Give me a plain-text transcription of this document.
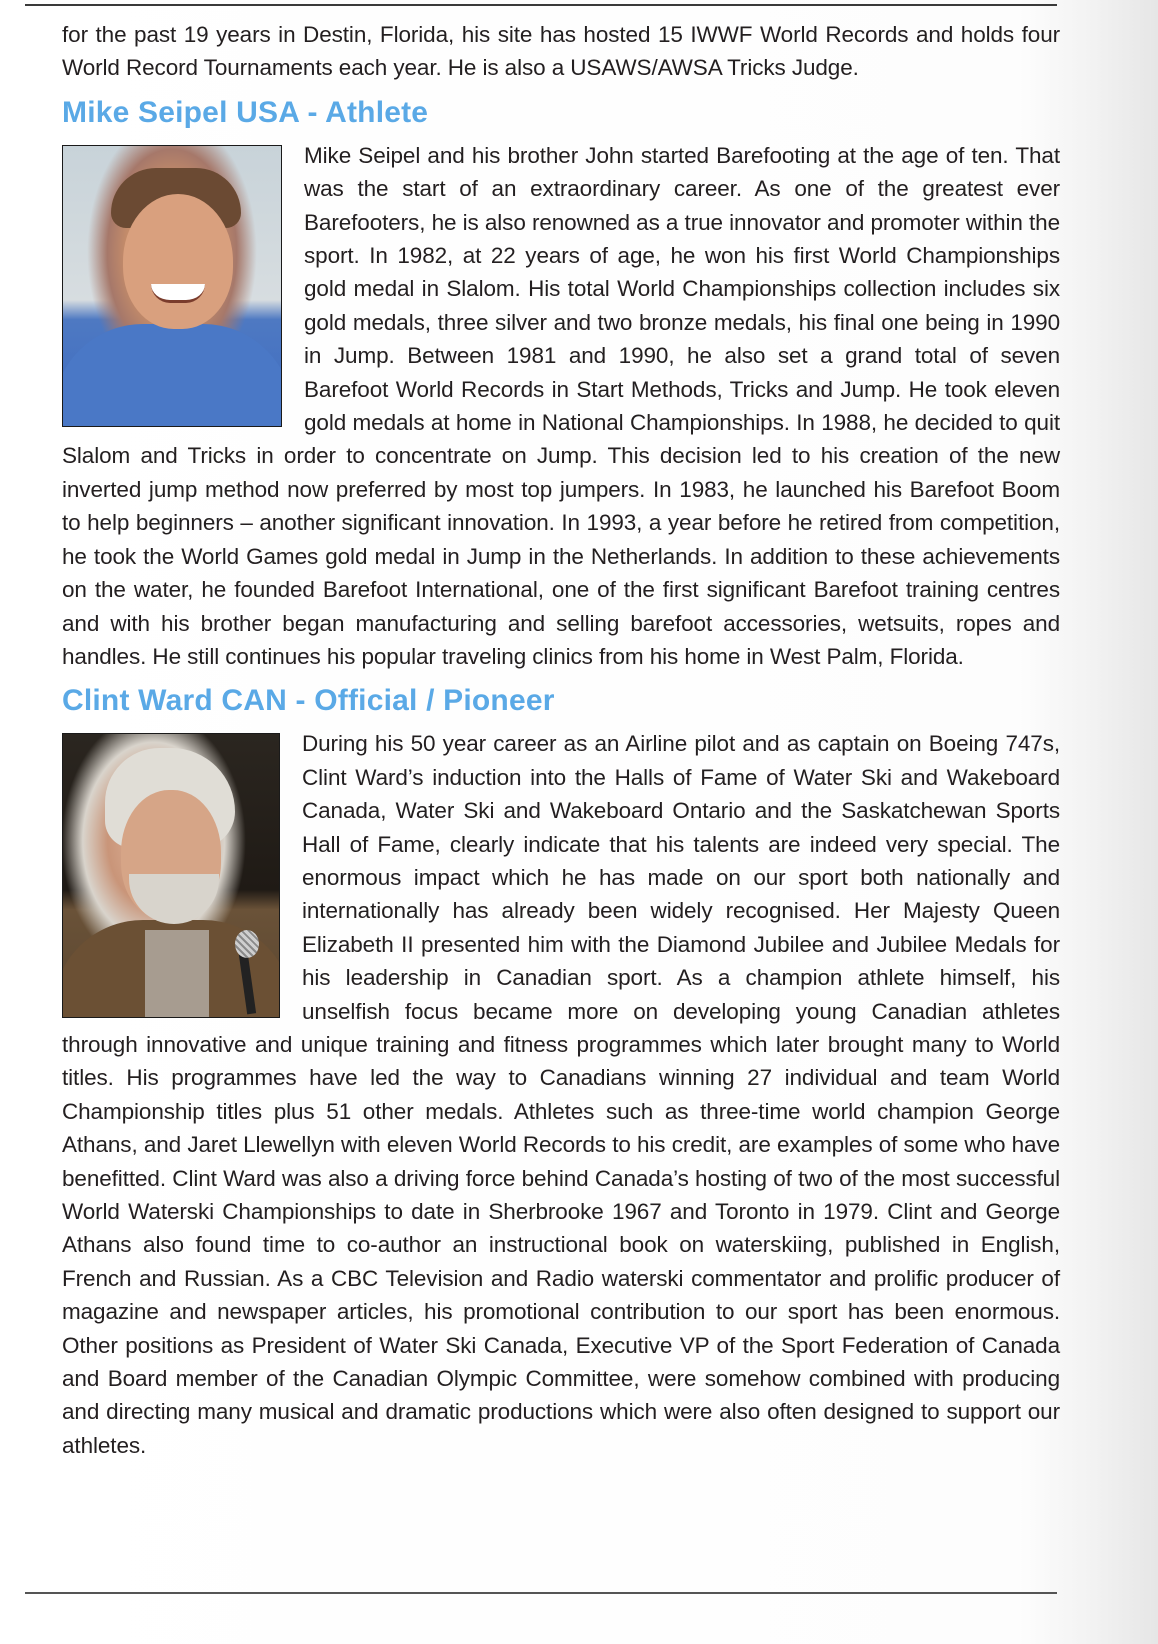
for the past 19 years in Destin, Florida, his site has hosted 15 IWWF World Records and holds four World Record Tournaments each year. He is also a USAWS/AWSA Tricks Judge.

Mike Seipel USA - Athlete

Mike Seipel and his brother John started Barefooting at the age of ten. That was the start of an extraordinary career. As one of the greatest ever Barefooters, he is also renowned as a true innovator and promoter within the sport. In 1982, at 22 years of age, he won his first World Championships gold medal in Slalom. His total World Championships collection includes six gold medals, three silver and two bronze medals, his final one being in 1990 in Jump. Between 1981 and 1990, he also set a grand total of seven Barefoot World Records in Start Methods, Tricks and Jump. He took eleven gold medals at home in National Championships. In 1988, he decided to quit Slalom and Tricks in order to concentrate on Jump. This decision led to his creation of the new inverted jump method now preferred by most top jumpers. In 1983, he launched his Barefoot Boom to help beginners – another significant innovation. In 1993, a year before he retired from competition, he took the World Games gold medal in Jump in the Netherlands. In addition to these achievements on the water, he founded Barefoot International, one of the first significant Barefoot training centres and with his brother began manufacturing and selling barefoot accessories, wetsuits, ropes and handles. He still continues his popular traveling clinics from his home in West Palm, Florida.

Clint Ward CAN - Official / Pioneer

During his 50 year career as an Airline pilot and as captain on Boeing 747s, Clint Ward’s induction into the Halls of Fame of Water Ski and Wakeboard Canada, Water Ski and Wakeboard Ontario and the Saskatchewan Sports Hall of Fame, clearly indicate that his talents are indeed very special. The enormous impact which he has made on our sport both nationally and internationally has already been widely recognised. Her Majesty Queen Elizabeth II presented him with the Diamond Jubilee and Jubilee Medals for his leadership in Canadian sport. As a champion athlete himself, his unselfish focus became more on developing young Canadian athletes through innovative and unique training and fitness programmes which later brought many to World titles. His programmes have led the way to Canadians winning 27 individual and team World Championship titles plus 51 other medals. Athletes such as three-time world champion George Athans, and Jaret Llewellyn with eleven World Records to his credit, are examples of some who have benefitted. Clint Ward was also a driving force behind Canada’s hosting of two of the most successful World Waterski Championships to date in Sherbrooke 1967 and Toronto in 1979. Clint and George Athans also found time to co-author an instructional book on waterskiing, published in English, French and Russian. As a CBC Television and Radio waterski commentator and prolific producer of magazine and newspaper articles, his promotional contribution to our sport has been enormous. Other positions as President of Water Ski Canada, Executive VP of the Sport Federation of Canada and Board member of the Canadian Olympic Committee, were somehow combined with producing and directing many musical and dramatic productions which were also often designed to support our athletes.
